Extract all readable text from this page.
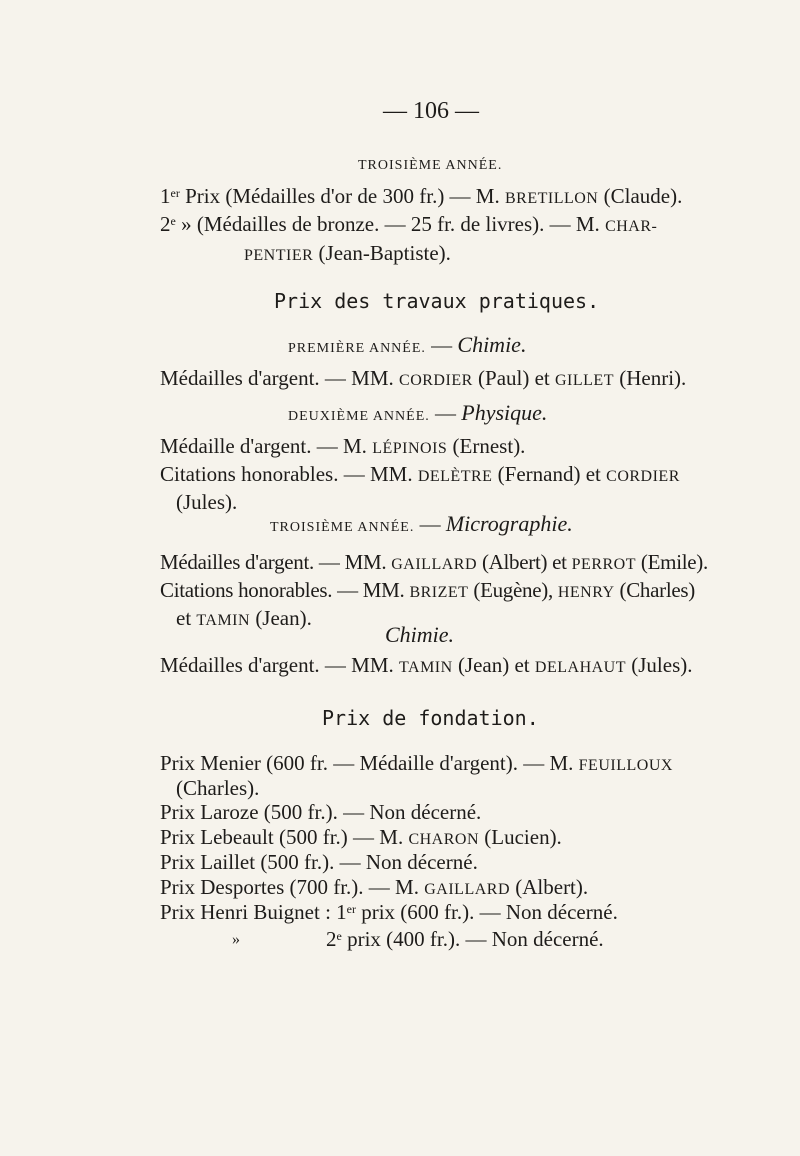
— 106 —
TROISIÈME ANNÉE.
1er Prix (Médailles d'or de 300 fr.) — M. BRETILLON (Claude).
2e » (Médailles de bronze. — 25 fr. de livres). — M. CHAR-
PENTIER (Jean-Baptiste).
Prix des travaux pratiques.
PREMIÈRE ANNÉE. — Chimie.
Médailles d'argent. — MM. CORDIER (Paul) et GILLET (Henri).
DEUXIÈME ANNÉE. — Physique.
Médaille d'argent. — M. LÉPINOIS (Ernest).
Citations honorables. — MM. DELÈTRE (Fernand) et CORDIER
(Jules).
TROISIÈME ANNÉE. — Micrographie.
Médailles d'argent. — MM. GAILLARD (Albert) et PERROT (Emile).
Citations honorables. — MM. BRIZET (Eugène), HENRY (Charles)
et TAMIN (Jean).
Chimie.
Médailles d'argent. — MM. TAMIN (Jean) et DELAHAUT (Jules).
Prix de fondation.
Prix Menier (600 fr. — Médaille d'argent). — M. FEUILLOUX
(Charles).
Prix Laroze (500 fr.). — Non décerné.
Prix Lebeault (500 fr.) — M. CHARON (Lucien).
Prix Laillet (500 fr.). — Non décerné.
Prix Desportes (700 fr.). — M. GAILLARD (Albert).
Prix Henri Buignet : 1er prix (600 fr.). — Non décerné.
»	2e prix (400 fr.). — Non décerné.
